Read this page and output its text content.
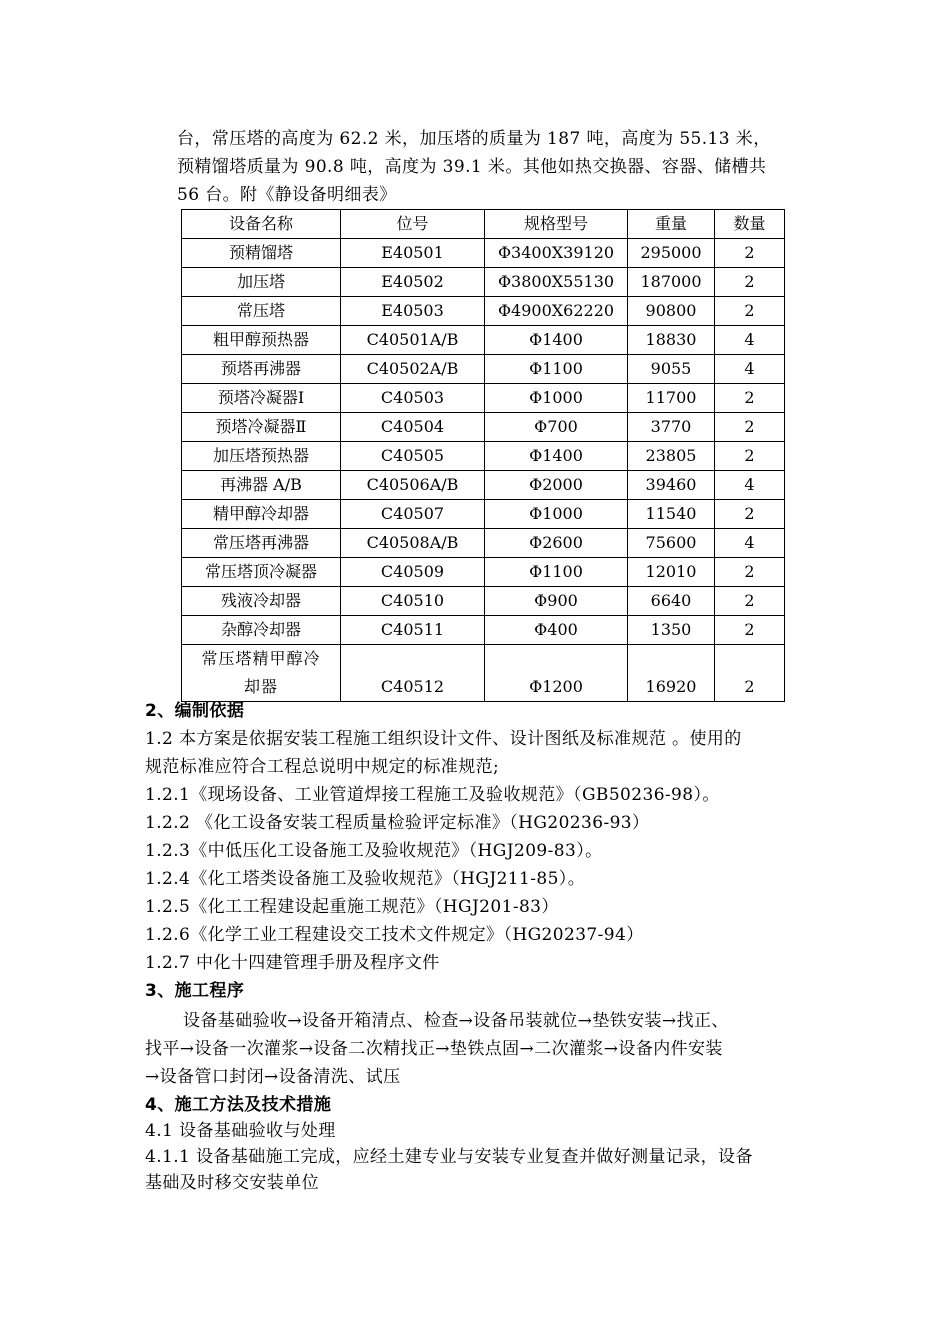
台，常压塔的高度为 62.2 米，加压塔的质量为 187 吨，高度为 55.13 米，
预精馏塔质量为 90.8 吨，高度为 39.1 米。其他如热交换器、容器、储槽共
56 台。附《静设备明细表》
设备名称	位号	规格型号	重量	数量
预精馏塔	E40501	Φ3400X39120	295000	2
加压塔	E40502	Φ3800X55130	187000	2
常压塔	E40503	Φ4900X62220	90800	2
粗甲醇预热器	C40501A/B	Φ1400	18830	4
预塔再沸器	C40502A/B	Φ1100	9055	4
预塔冷凝器Ⅰ	C40503	Φ1000	11700	2
预塔冷凝器Ⅱ	C40504	Φ700	3770	2
加压塔预热器	C40505	Φ1400	23805	2
再沸器 A/B	C40506A/B	Φ2000	39460	4
精甲醇冷却器	C40507	Φ1000	11540	2
常压塔再沸器	C40508A/B	Φ2600	75600	4
常压塔顶冷凝器	C40509	Φ1100	12010	2
残液冷却器	C40510	Φ900	6640	2
杂醇冷却器	C40511	Φ400	1350	2

常压塔精甲醇冷
却器	C40512	Φ1200	16920	2
2、编制依据
1.2 本方案是依据安装工程施工组织设计文件、设计图纸及标准规范 。使用的
规范标准应符合工程总说明中规定的标准规范;
1.2.1《现场设备、工业管道焊接工程施工及验收规范》（GB50236-98）。
1.2.2 《化工设备安装工程质量检验评定标准》（HG20236-93）
1.2.3《中低压化工设备施工及验收规范》（HGJ209-83）。
1.2.4《化工塔类设备施工及验收规范》（HGJ211-85）。
1.2.5《化工工程建设起重施工规范》（HGJ201-83）
1.2.6《化学工业工程建设交工技术文件规定》（HG20237-94）
1.2.7 中化十四建管理手册及程序文件
3、施工程序
设备基础验收→设备开箱清点、检查→设备吊装就位→垫铁安装→找正、
找平→设备一次灌浆→设备二次精找正→垫铁点固→二次灌浆→设备内件安装
→设备管口封闭→设备清洗、试压
4、施工方法及技术措施
4.1 设备基础验收与处理
4.1.1 设备基础施工完成，应经土建专业与安装专业复查并做好测量记录，设备
基础及时移交安装单位
